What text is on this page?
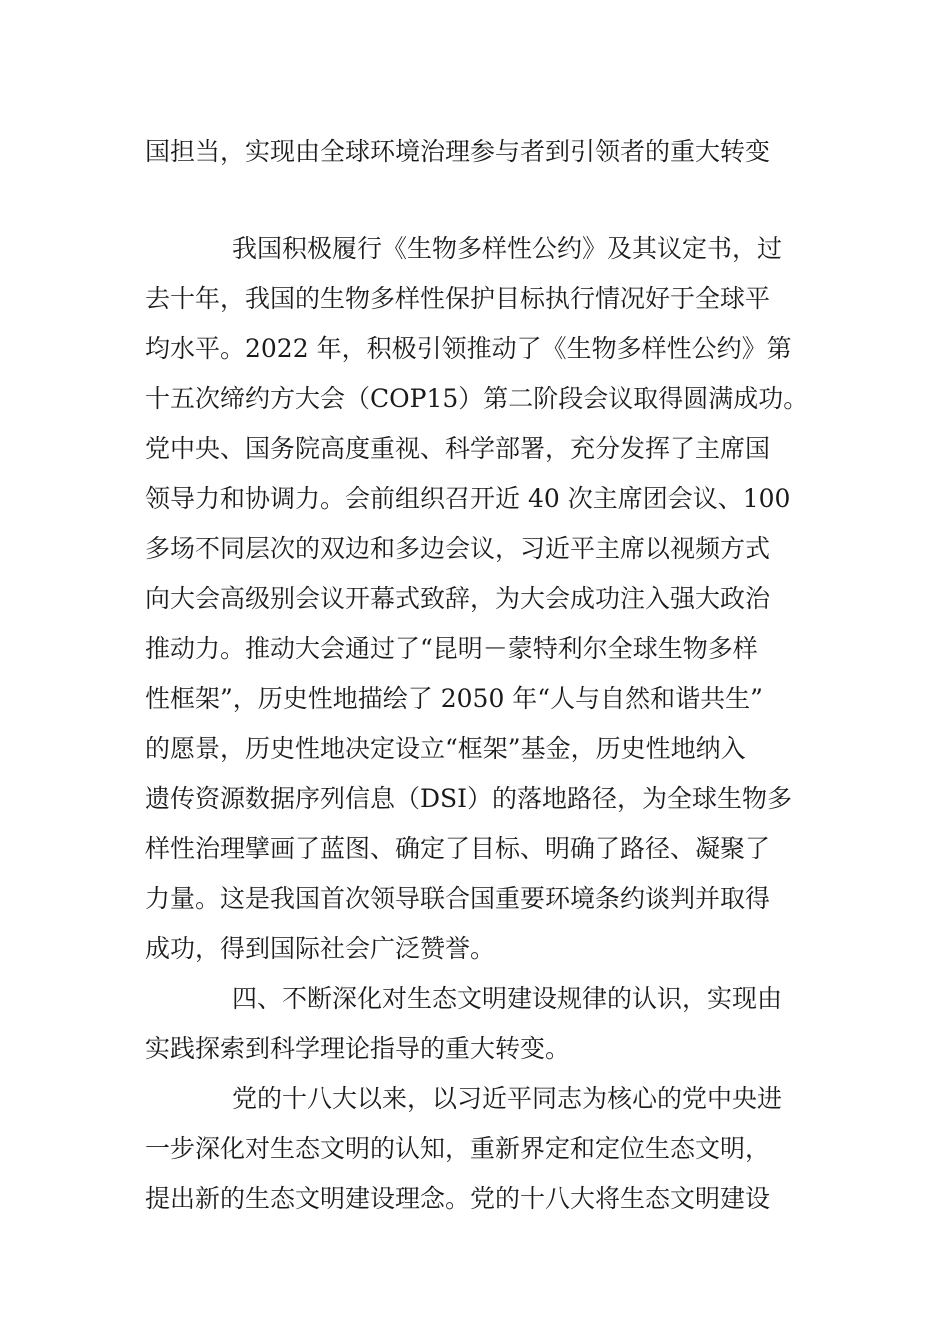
国担当，实现由全球环境治理参与者到引领者的重大转变

我国积极履行《生物多样性公约》及其议定书，过

去十年，我国的生物多样性保护目标执行情况好于全球平

均水平。2022 年，积极引领推动了《生物多样性公约》第

十五次缔约方大会（COP15）第二阶段会议取得圆满成功。

党中央、国务院高度重视、科学部署，充分发挥了主席国

领导力和协调力。会前组织召开近 40 次主席团会议、100

多场不同层次的双边和多边会议，习近平主席以视频方式

向大会高级别会议开幕式致辞，为大会成功注入强大政治

推动力。推动大会通过了“昆明－蒙特利尔全球生物多样

性框架”，历史性地描绘了 2050 年“人与自然和谐共生”

的愿景，历史性地决定设立“框架”基金，历史性地纳入

遗传资源数据序列信息（DSI）的落地路径，为全球生物多

样性治理擘画了蓝图、确定了目标、明确了路径、凝聚了

力量。这是我国首次领导联合国重要环境条约谈判并取得

成功，得到国际社会广泛赞誉。

四、不断深化对生态文明建设规律的认识，实现由

实践探索到科学理论指导的重大转变。

党的十八大以来，以习近平同志为核心的党中央进

一步深化对生态文明的认知，重新界定和定位生态文明，

提出新的生态文明建设理念。党的十八大将生态文明建设
